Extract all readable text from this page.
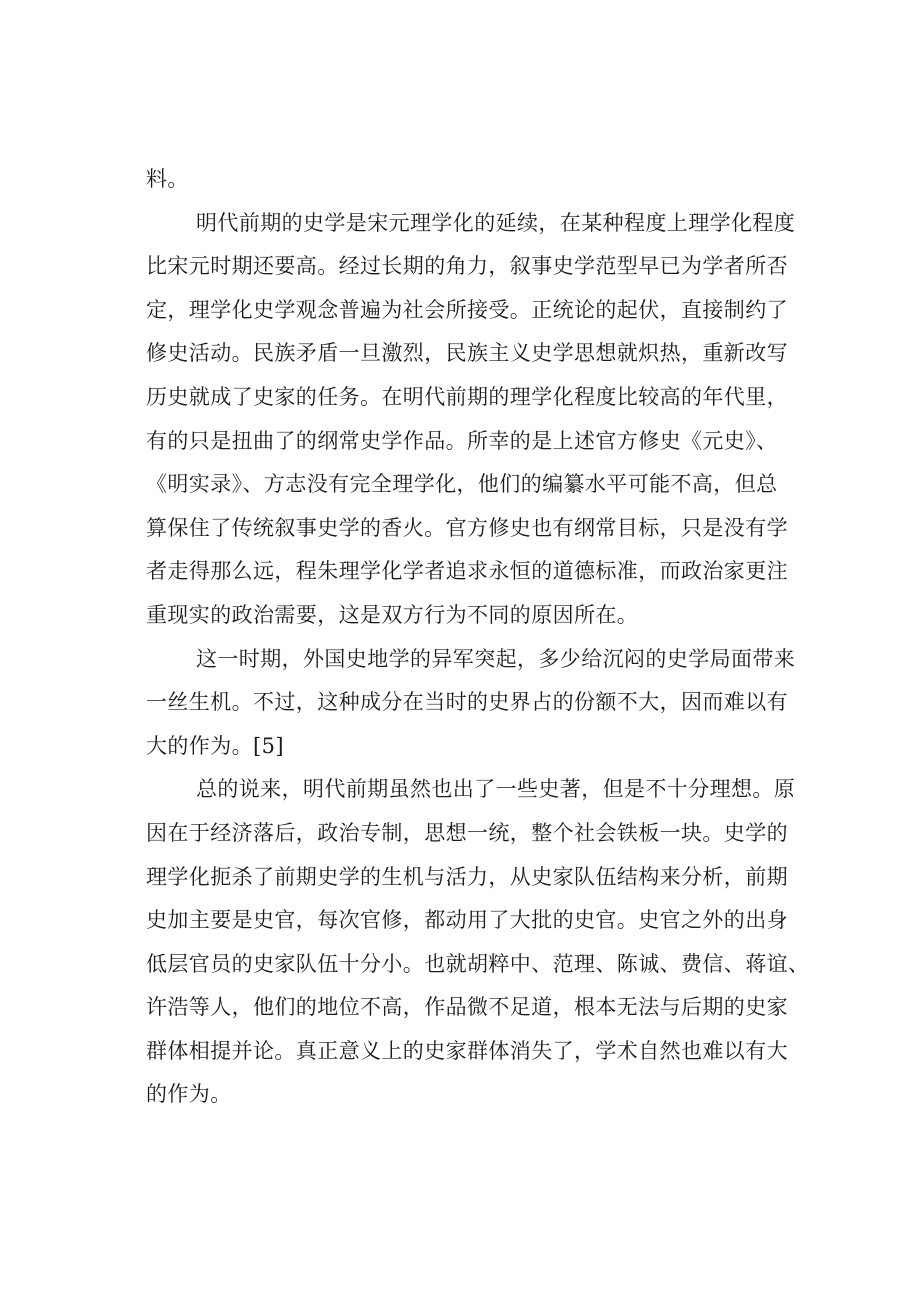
料。
明代前期的史学是宋元理学化的延续，在某种程度上理学化程度
比宋元时期还要高。经过长期的角力，叙事史学范型早已为学者所否
定，理学化史学观念普遍为社会所接受。正统论的起伏，直接制约了
修史活动。民族矛盾一旦激烈，民族主义史学思想就炽热，重新改写
历史就成了史家的任务。在明代前期的理学化程度比较高的年代里，
有的只是扭曲了的纲常史学作品。所幸的是上述官方修史《元史》、
《明实录》、方志没有完全理学化，他们的编纂水平可能不高，但总
算保住了传统叙事史学的香火。官方修史也有纲常目标，只是没有学
者走得那么远，程朱理学化学者追求永恒的道德标准，而政治家更注
重现实的政治需要，这是双方行为不同的原因所在。
这一时期，外国史地学的异军突起，多少给沉闷的史学局面带来
一丝生机。不过，这种成分在当时的史界占的份额不大，因而难以有
大的作为。[5]
总的说来，明代前期虽然也出了一些史著，但是不十分理想。原
因在于经济落后，政治专制，思想一统，整个社会铁板一块。史学的
理学化扼杀了前期史学的生机与活力，从史家队伍结构来分析，前期
史加主要是史官，每次官修，都动用了大批的史官。史官之外的出身
低层官员的史家队伍十分小。也就胡粹中、范理、陈诚、费信、蒋谊、
许浩等人，他们的地位不高，作品微不足道，根本无法与后期的史家
群体相提并论。真正意义上的史家群体消失了，学术自然也难以有大
的作为。
